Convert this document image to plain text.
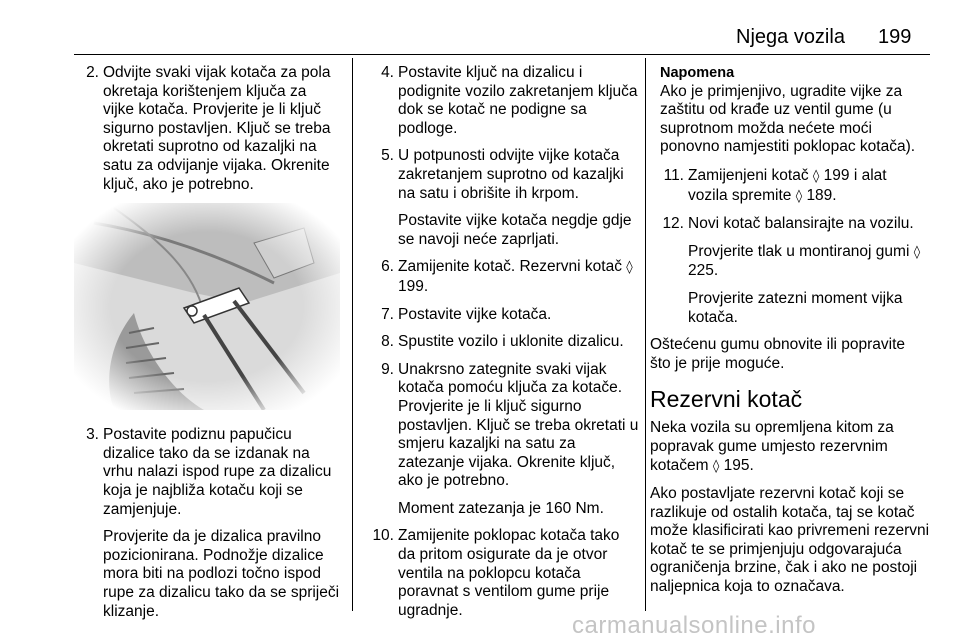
Njega vozila 199
2. Odvijte svaki vijak kotača za pola okretaja korištenjem ključa za vijke kotača. Provjerite je li ključ sigurno postavljen. Ključ se treba okretati suprotno od kazaljki na satu za odvijanje vijaka. Okrenite ključ, ako je potrebno.

3. Postavite podiznu papučicu dizalice tako da se izdanak na vrhu nalazi ispod rupe za dizalicu koja je najbliža kotaču koji se zamjenjuje.

Provjerite da je dizalica pravilno pozicionirana. Podnožje dizalice mora biti na podlozi točno ispod rupe za dizalicu tako da se spriječi klizanje.

4. Postavite ključ na dizalicu i podignite vozilo zakretanjem ključa dok se kotač ne podigne sa podloge.

5. U potpunosti odvijte vijke kotača zakretanjem suprotno od kazaljki na satu i obrišite ih krpom.

Postavite vijke kotača negdje gdje se navoji neće zaprljati.

6. Zamijenite kotač. Rezervni kotač ◊ 199.

7. Postavite vijke kotača.

8. Spustite vozilo i uklonite dizalicu.

9. Unakrsno zategnite svaki vijak kotača pomoću ključa za kotače. Provjerite je li ključ sigurno postavljen. Ključ se treba okretati u smjeru kazaljki na satu za zatezanje vijaka. Okrenite ključ, ako je potrebno.

Moment zatezanja je 160 Nm.

10. Zamijenite poklopac kotača tako da pritom osigurate da je otvor ventila na poklopcu kotača poravnat s ventilom gume prije ugradnje.

Napomena
Ako je primjenjivo, ugradite vijke za zaštitu od krađe uz ventil gume (u suprotnom možda nećete moći ponovno namjestiti poklopac kotača).
11. Zamijenjeni kotač ◊ 199 i alat vozila spremite ◊ 189.

12. Novi kotač balansirajte na vozilu.

Provjerite tlak u montiranoj gumi ◊ 225.

Provjerite zatezni moment vijka kotača.

Oštećenu gumu obnovite ili popravite što je prije moguće.

Rezervni kotač

Neka vozila su opremljena kitom za popravak gume umjesto rezervnim kotačem ◊ 195.

Ako postavljate rezervni kotač koji se razlikuje od ostalih kotača, taj se kotač može klasificirati kao privremeni rezervni kotač te se primjenjuju odgovarajuća ograničenja brzine, čak i ako ne postoji naljepnica koja to označava.

carmanualsonline.info
